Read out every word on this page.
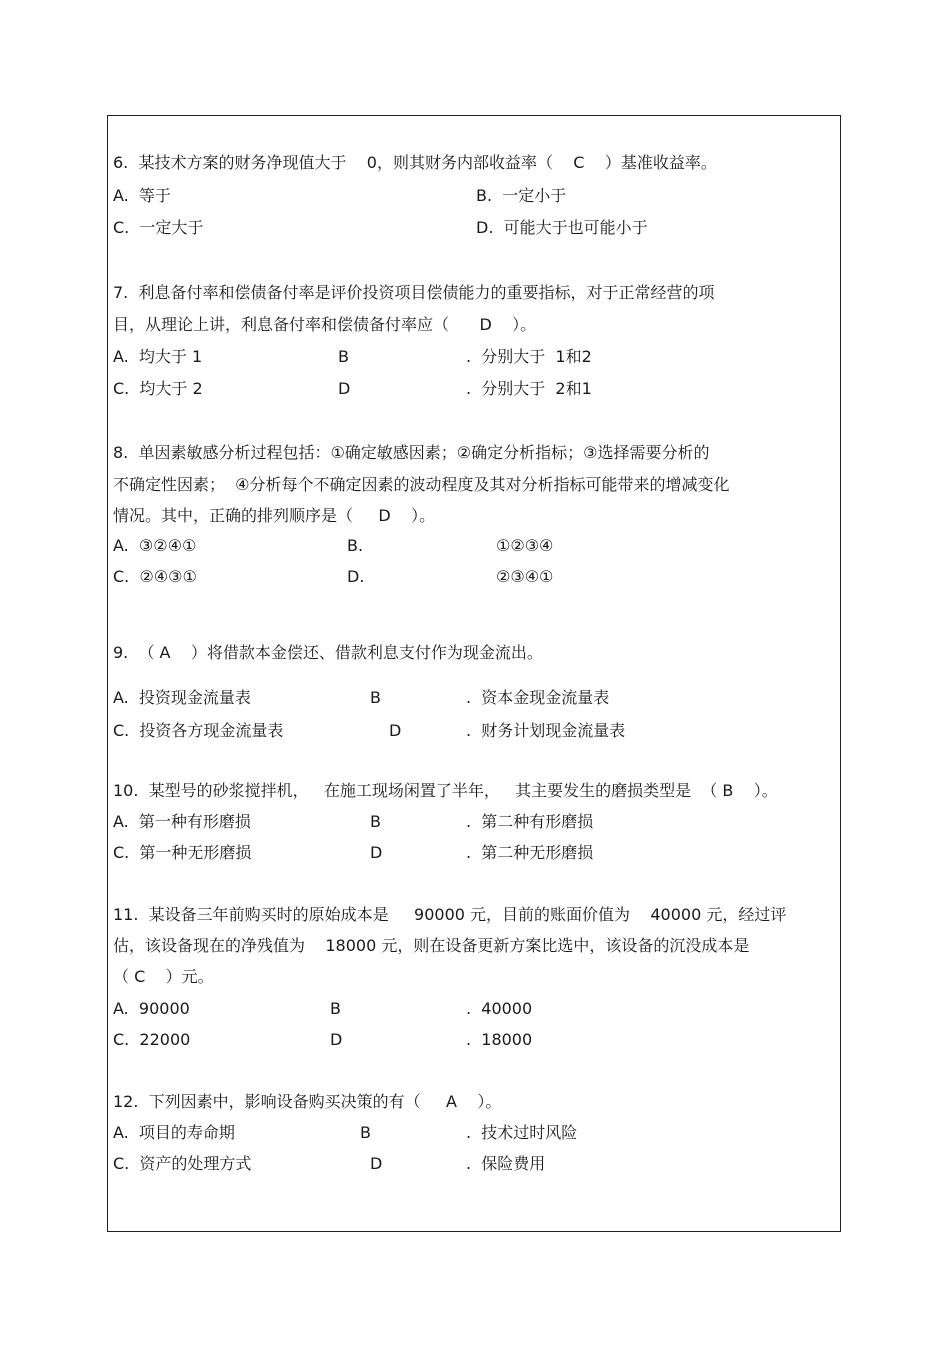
6.  某技术方案的财务净现值大于    0，则其财务内部收益率（    C    ）基准收益率。
A.  等于	B.  一定小于
C.  一定大于	D.  可能大于也可能小于
7.  利息备付率和偿债备付率是评价投资项目偿债能力的重要指标，对于正常经营的项
目，从理论上讲，利息备付率和偿债备付率应（      D    ）。
A.  均大于 1	B	.  分别大于  1和2
C.  均大于 2	D	.  分别大于  2和1
8.  单因素敏感分析过程包括：①确定敏感因素；②确定分析指标；③选择需要分析的
不确定性因素；  ④分析每个不确定因素的波动程度及其对分析指标可能带来的增减变化
情况。其中，正确的排列顺序是（     D    ）。
A.  ③②④①	B.	①②③④
C.  ②④③①	D.	②③④①
9.  （ A    ）将借款本金偿还、借款利息支付作为现金流出。
A.  投资现金流量表	B	.  资本金现金流量表
C.  投资各方现金流量表	D	.  财务计划现金流量表
10.  某型号的砂浆搅拌机，   在施工现场闲置了半年，   其主要发生的磨损类型是  （ B    ）。
A.  第一种有形磨损	B	.  第二种有形磨损
C.  第一种无形磨损	D	.  第二种无形磨损
11.  某设备三年前购买时的原始成本是     90000 元，目前的账面价值为    40000 元，经过评
估，该设备现在的净残值为    18000 元，则在设备更新方案比选中，该设备的沉没成本是
（ C    ）元。
A.  90000	B	.  40000
C.  22000	D	.  18000
12.  下列因素中，影响设备购买决策的有（     A    ）。
A.  项目的寿命期	B	.  技术过时风险
C.  资产的处理方式	D	.  保险费用
